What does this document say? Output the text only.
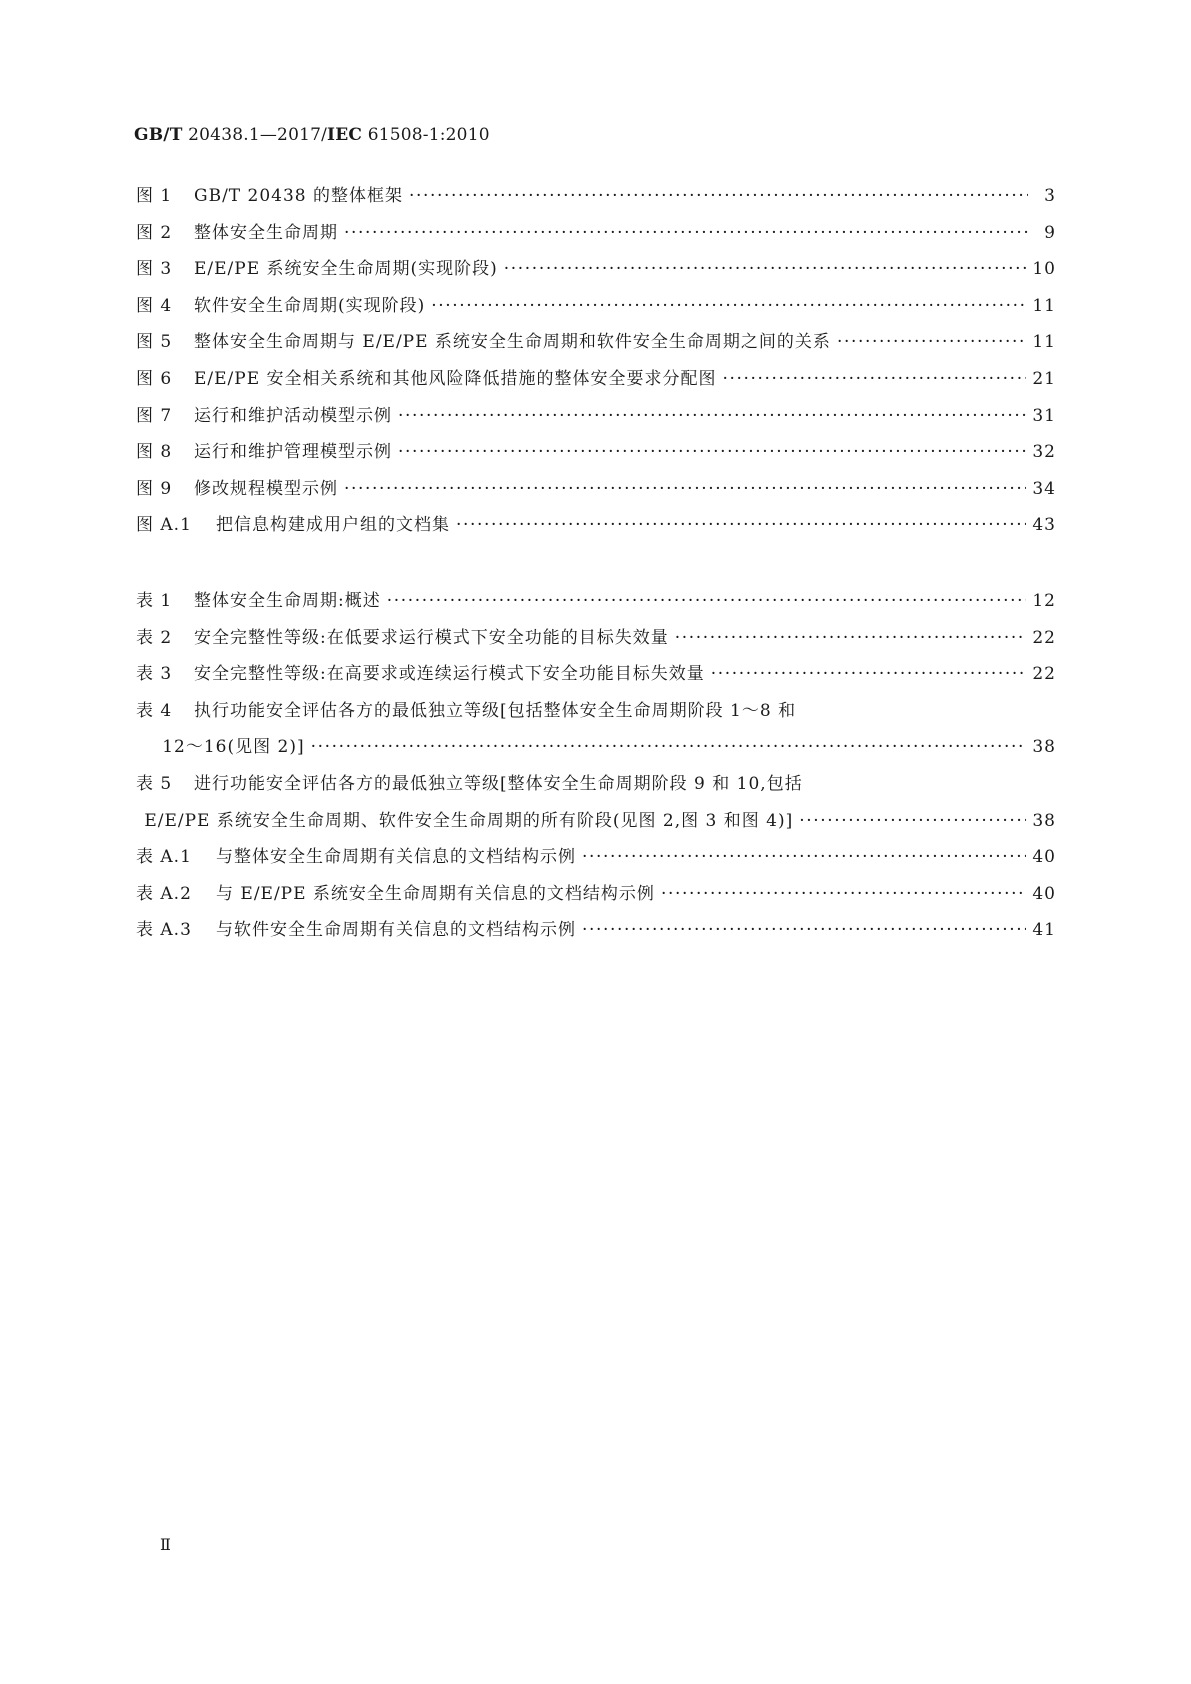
GB/T 20438.1—2017/IEC 61508-1:2010
图 1	GB/T 20438 的整体框架 ·····	3
图 2	整体安全生命周期 ·····	9
图 3	E/E/PE 系统安全生命周期(实现阶段) ·····	10
图 4	软件安全生命周期(实现阶段) ·····	11
图 5	整体安全生命周期与 E/E/PE 系统安全生命周期和软件安全生命周期之间的关系 ·····	11
图 6	E/E/PE 安全相关系统和其他风险降低措施的整体安全要求分配图 ·····	21
图 7	运行和维护活动模型示例 ·····	31
图 8	运行和维护管理模型示例 ·····	32
图 9	修改规程模型示例 ·····	34
图 A.1	把信息构建成用户组的文档集 ·····	43
表 1	整体安全生命周期:概述 ·····	12
表 2	安全完整性等级:在低要求运行模式下安全功能的目标失效量 ·····	22
表 3	安全完整性等级:在高要求或连续运行模式下安全功能目标失效量 ·····	22
表 4	执行功能安全评估各方的最低独立等级[包括整体安全生命周期阶段 1～8 和
12～16(见图 2)] ·····	38
表 5	进行功能安全评估各方的最低独立等级[整体安全生命周期阶段 9 和 10,包括
E/E/PE 系统安全生命周期、软件安全生命周期的所有阶段(见图 2,图 3 和图 4)] ·····	38
表 A.1	与整体安全生命周期有关信息的文档结构示例 ·····	40
表 A.2	与 E/E/PE 系统安全生命周期有关信息的文档结构示例 ·····	40
表 A.3	与软件安全生命周期有关信息的文档结构示例 ·····	41
Ⅱ
